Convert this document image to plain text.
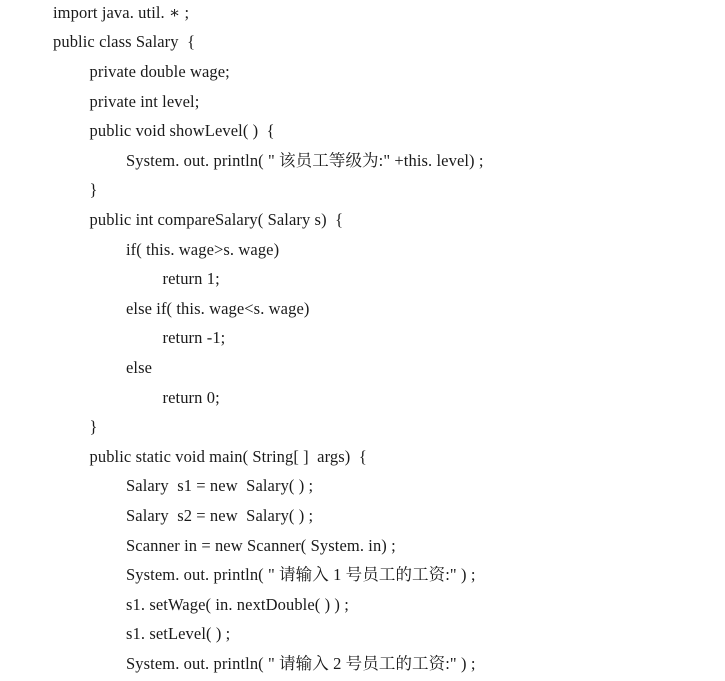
import java. util. ∗ ;
public class Salary  {
private double wage;
private int level;
public void showLevel( )  {
System. out. println( " 该员工等级为:" +this. level) ;
}
public int compareSalary( Salary s)  {
if( this. wage>s. wage)
return 1;
else if( this. wage<s. wage)
return -1;
else
return 0;
}
public static void main( String[ ]  args)  {
Salary  s1 = new  Salary( ) ;
Salary  s2 = new  Salary( ) ;
Scanner in = new Scanner( System. in) ;
System. out. println( " 请输入 1 号员工的工资:" ) ;
s1. setWage( in. nextDouble( ) ) ;
s1. setLevel( ) ;
System. out. println( " 请输入 2 号员工的工资:" ) ;
